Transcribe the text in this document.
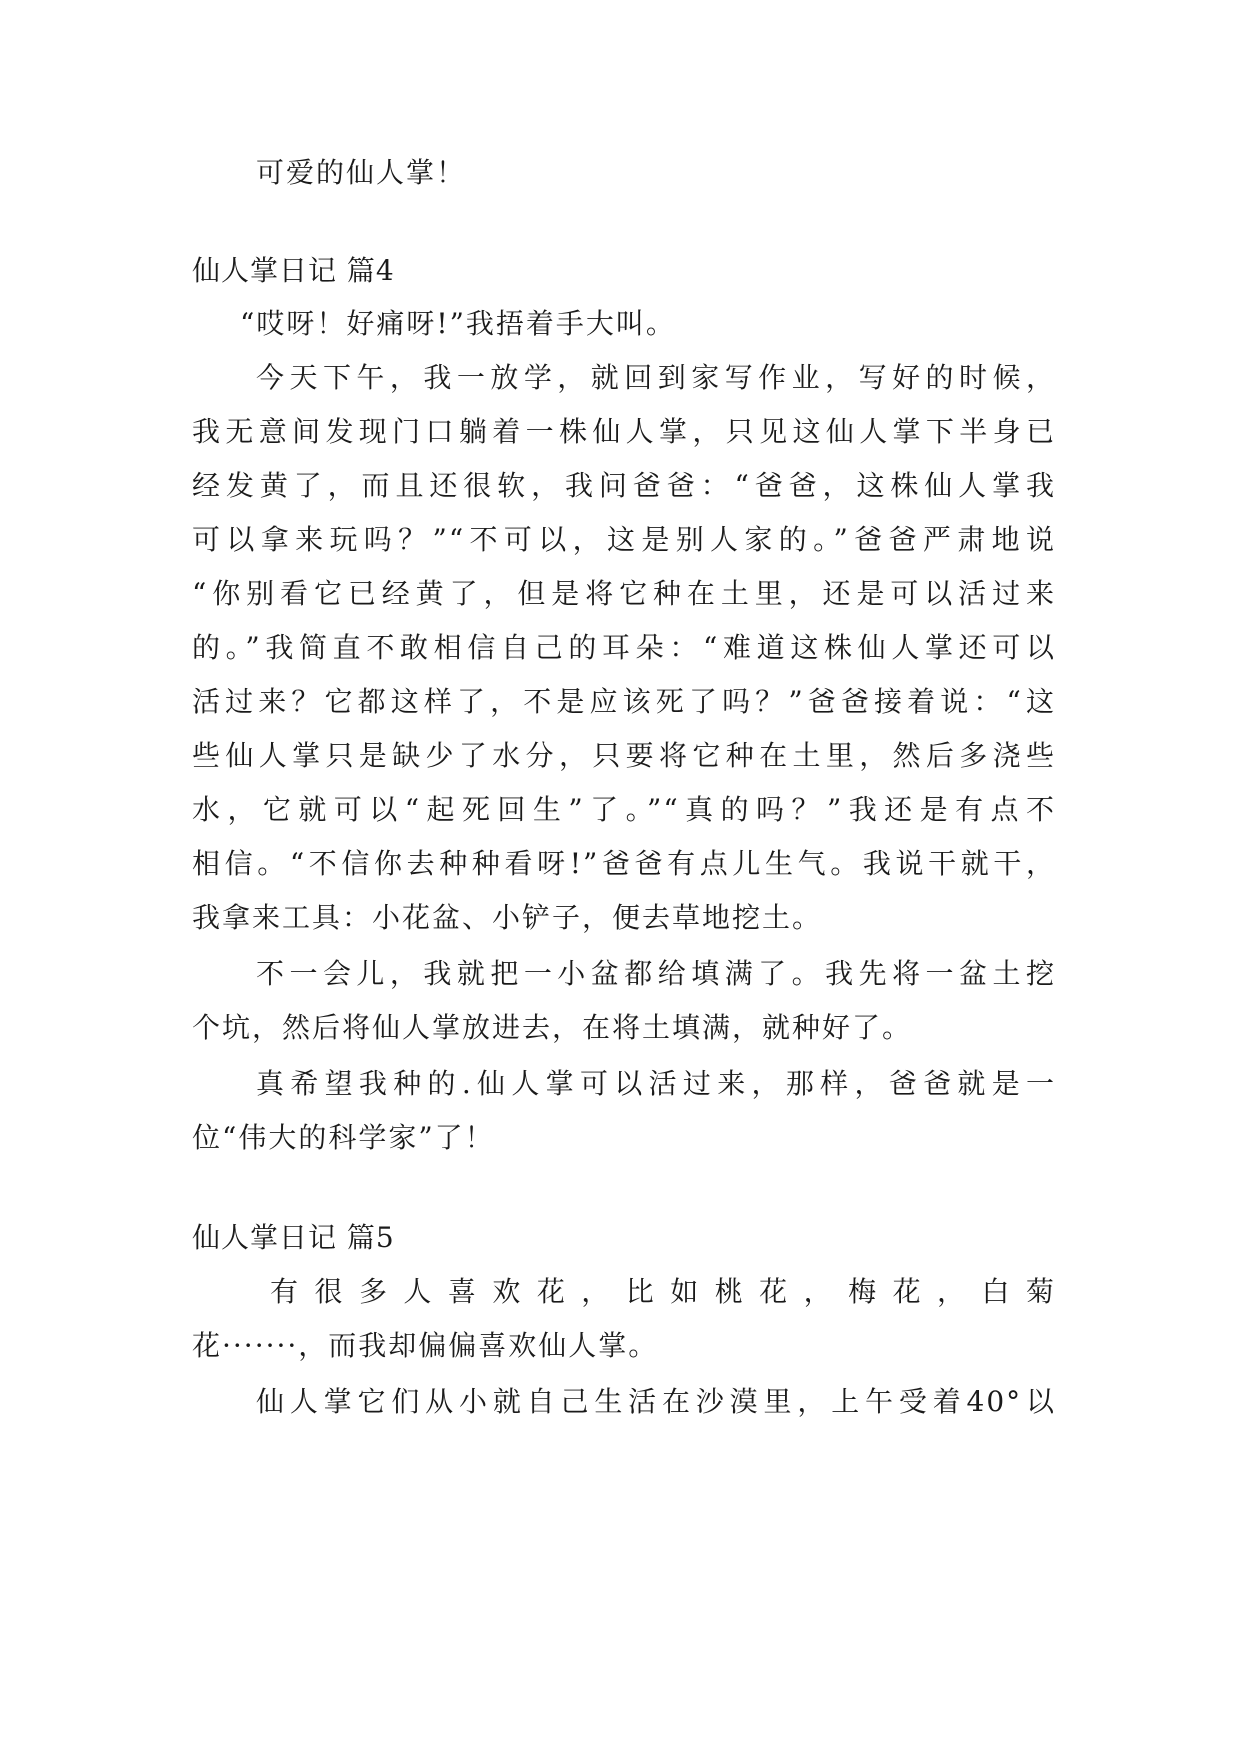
可爱的仙人掌！
仙人掌日记 篇4
“哎呀！好痛呀!”我捂着手大叫。
今天下午，我一放学，就回到家写作业，写好的时候，
我无意间发现门口躺着一株仙人掌，只见这仙人掌下半身已
经发黄了，而且还很软，我问爸爸：“爸爸，这株仙人掌我
可以拿来玩吗？”“不可以，这是别人家的。”爸爸严肃地说
“你别看它已经黄了，但是将它种在土里，还是可以活过来
的。”我简直不敢相信自己的耳朵：“难道这株仙人掌还可以
活过来？它都这样了，不是应该死了吗？”爸爸接着说：“这
些仙人掌只是缺少了水分，只要将它种在土里，然后多浇些
水，它就可以“起死回生”了。”“真的吗？”我还是有点不
相信。“不信你去种种看呀!”爸爸有点儿生气。我说干就干，
我拿来工具：小花盆、小铲子，便去草地挖土。
不一会儿，我就把一小盆都给填满了。我先将一盆土挖
个坑，然后将仙人掌放进去，在将土填满，就种好了。
真希望我种的.仙人掌可以活过来，那样，爸爸就是一
位“伟大的科学家”了！
仙人掌日记 篇5
有很多人喜欢花，比如桃花，梅花，白菊
花·······，而我却偏偏喜欢仙人掌。
仙人掌它们从小就自己生活在沙漠里，上午受着40°以
